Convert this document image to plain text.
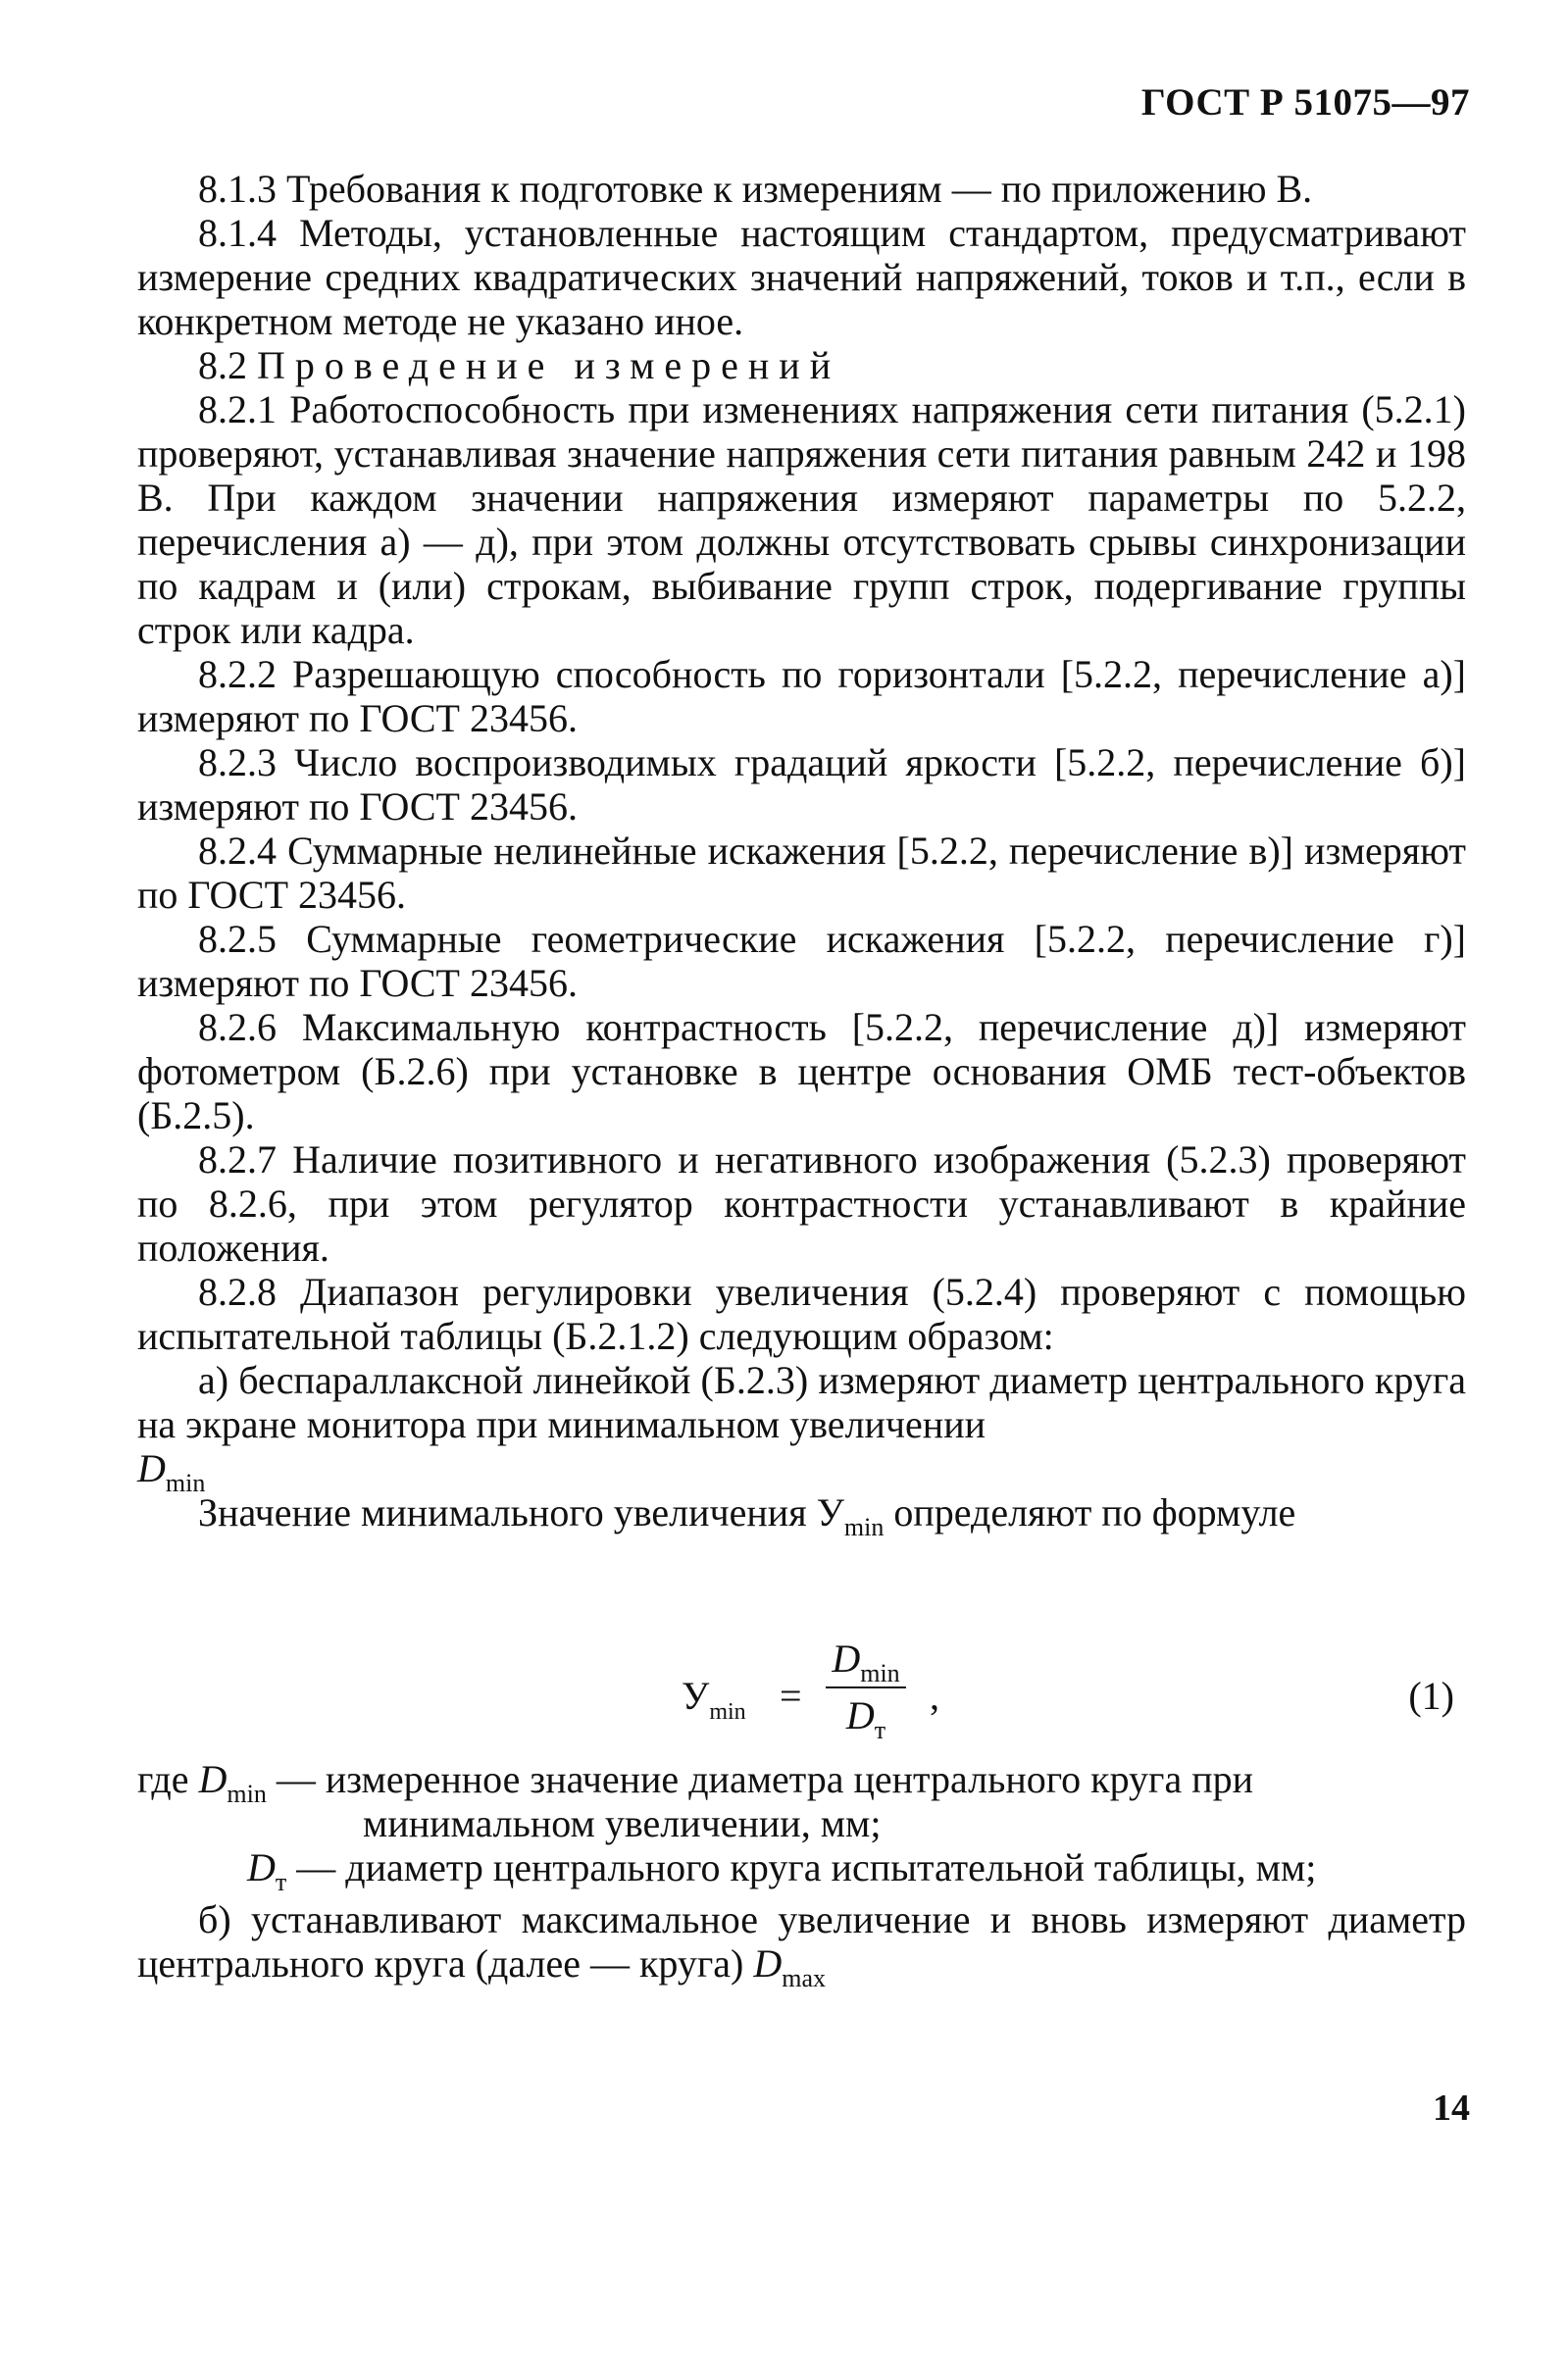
ГОСТ Р 51075—97

8.1.3 Требования к подготовке к измерениям — по приложению В.

8.1.4 Методы, установленные настоящим стандартом, предусматривают измерение средних квадратических значений напряжений, токов и т.п., если в конкретном методе не указано иное.

8.2 Проведение измерений

8.2.1 Работоспособность при изменениях напряжения сети питания (5.2.1) проверяют, устанавливая значение напряжения сети питания равным 242 и 198 В. При каждом значении напряжения измеряют параметры по 5.2.2, перечисления а) — д), при этом должны отсутствовать срывы синхронизации по кадрам и (или) строкам, выбивание групп строк, подергивание группы строк или кадра.

8.2.2 Разрешающую способность по горизонтали [5.2.2, перечисление а)] измеряют по ГОСТ 23456.

8.2.3 Число воспроизводимых градаций яркости [5.2.2, перечисление б)] измеряют по ГОСТ 23456.

8.2.4 Суммарные нелинейные искажения [5.2.2, перечисление в)] измеряют по ГОСТ 23456.

8.2.5 Суммарные геометрические искажения [5.2.2, перечисление г)] измеряют по ГОСТ 23456.

8.2.6 Максимальную контрастность [5.2.2, перечисление д)] измеряют фотометром (Б.2.6) при установке в центре основания ОМБ тест-объектов (Б.2.5).

8.2.7 Наличие позитивного и негативного изображения (5.2.3) проверяют по 8.2.6, при этом регулятор контрастности устанавливают в крайние положения.

8.2.8 Диапазон регулировки увеличения (5.2.4) проверяют с помощью испытательной таблицы (Б.2.1.2) следующим образом:

а) беспараллаксной линейкой (Б.2.3) измеряют диаметр центрального круга на экране монитора при минимальном увеличении
$D_{min}$

Значение минимального увеличения $У_{min}$ определяют по формуле

$У_{min}$ =
$D_{min}$
$D_т$
,	(1)
где $D_{min}$ — измеренное значение диаметра центрального круга при
минимальном увеличении, мм;
$D_т$ — диаметр центрального круга испытательной таблицы, мм;

б) устанавливают максимальное увеличение и вновь измеряют диаметр центрального круга (далее — круга) $D_{max}$

14
